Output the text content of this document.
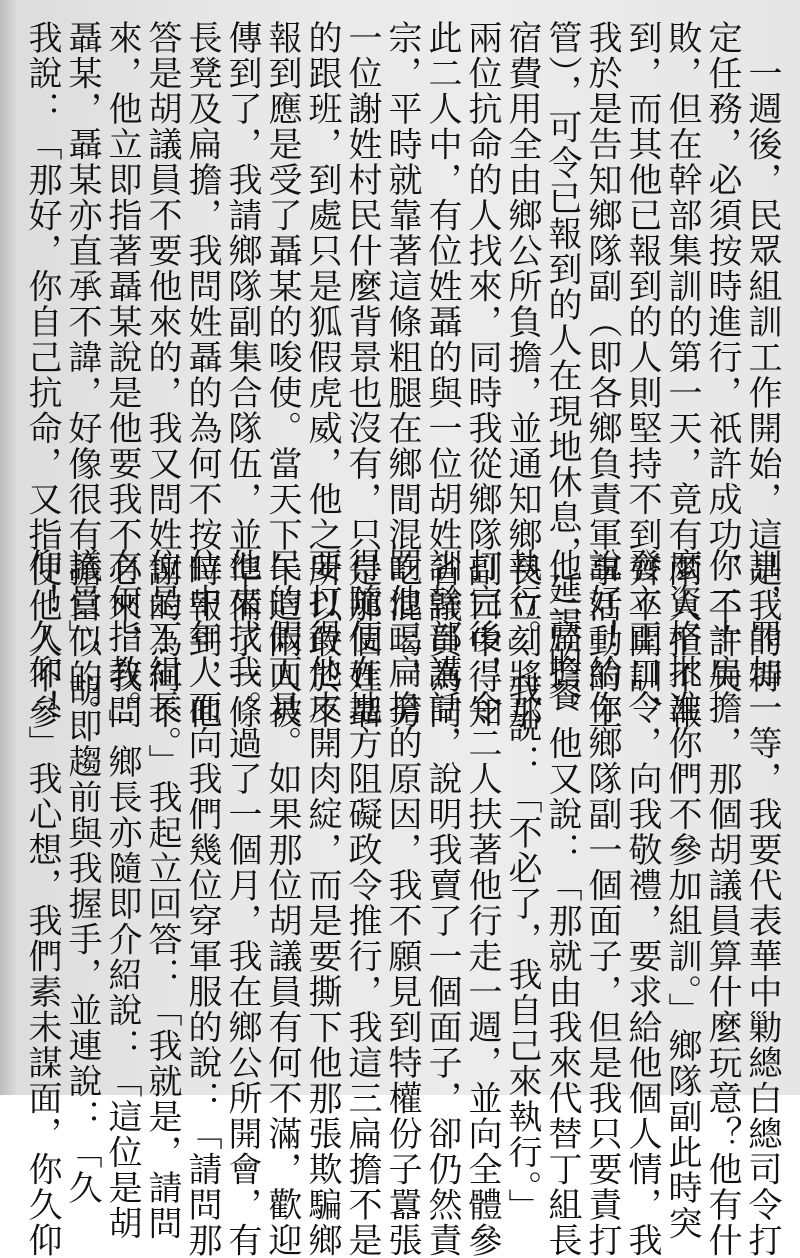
　一週後，民眾組訓工作開始，這是我的特
定任務，必須按時進行，祇許成功，不許失
敗，但在幹部集訓的第一天，竟有兩人拒不報
到，而其他已報到的人則堅持不到齊不開訓，
我於是告知鄉隊副（即各鄉負責軍事活動的主
管），可令已報到的人在現地休息，延誤的餐
宿費用全由鄉公所負擔，並通知鄉長立刻將那
兩位抗命的人找來，同時我從鄉隊副口中得知
此二人中，有位姓聶的與一位胡姓省議員為同
宗，平時就靠著這條粗腿在鄉間混吃混喝，另
一位謝姓村民什麼背景也沒有，只是那個姓聶
的跟班，到處只是狐假虎威，他之所以敢於不
報到應是受了聶某的唆使。當天下午這兩人被
傳到了，我請鄉隊副集合隊伍，並準備了一條
長凳及扁擔，我問姓聶的為何不按時報到，他
答是胡議員不要他來的，我又問姓謝的為何不
來，他立即指著聶某說是他要我不必來，我問
聶某，聶某亦直承不諱，好像很有擔當似的。
我說：「那好，你自己抗命，又指使他人不參
訓，罪加一等，我要代表華中勦總白總司令打
你二十扁擔，那個胡議員算什麼玩意？他有什
麼資格批准你們不參加組訓。」鄉隊副此時突
發立正口令，向我敬禮，要求給他個人情，我
說好！給你鄉隊副一個面子，但是我只要責打
他三扁擔，他又說：「那就由我來代替丁組長
執行。」我說：「不必了，我自己來執行。」
打完後，令二人扶著他行走一週，並向全體參
訓幹部講話，說明我賣了一個面子，卻仍然責
罰他三扁擔的原因，我不願見到特權份子囂張
得隨便在地方阻礙政令推行，我這三扁擔不是
要打得他皮開肉綻，而是要撕下他那張欺騙鄉
民的假面具。如果那位胡議員有何不滿，歡迎
他來找我。過了一個月，我在鄉公所開會，有
位中年人面向我們幾位穿軍服的說：「請問那
位是丁組長。」我起立回答：「我就是，請問
有何指教。」鄉長亦隨即介紹說：「這位是胡
議員」，胡即趨前與我握手，並連說：「久
仰！久仰！」我心想，我們素未謀面，你久仰
